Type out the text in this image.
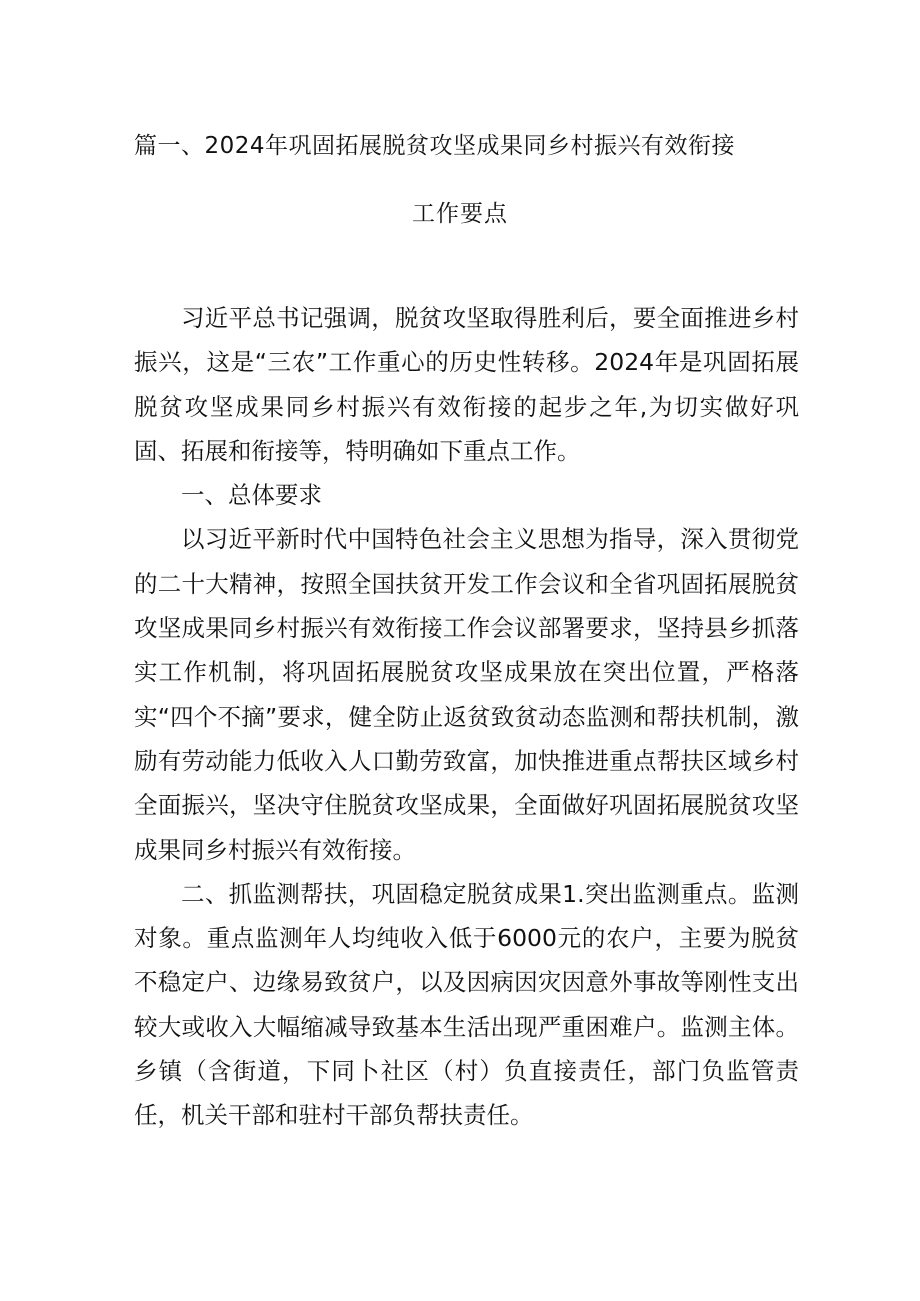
篇一、2024年巩固拓展脱贫攻坚成果同乡村振兴有效衔接
工作要点

习近平总书记强调，脱贫攻坚取得胜利后，要全面推进乡村振兴，这是“三农”工作重心的历史性转移。2024年是巩固拓展脱贫攻坚成果同乡村振兴有效衔接的起步之年,为切实做好巩固、拓展和衔接等，特明确如下重点工作。

一、总体要求

以习近平新时代中国特色社会主义思想为指导，深入贯彻党的二十大精神，按照全国扶贫开发工作会议和全省巩固拓展脱贫攻坚成果同乡村振兴有效衔接工作会议部署要求，坚持县乡抓落实工作机制，将巩固拓展脱贫攻坚成果放在突出位置，严格落实“四个不摘”要求，健全防止返贫致贫动态监测和帮扶机制，激励有劳动能力低收入人口勤劳致富，加快推进重点帮扶区域乡村全面振兴，坚决守住脱贫攻坚成果，全面做好巩固拓展脱贫攻坚成果同乡村振兴有效衔接。

二、抓监测帮扶，巩固稳定脱贫成果1.突出监测重点。监测对象。重点监测年人均纯收入低于6000元的农户，主要为脱贫不稳定户、边缘易致贫户，以及因病因灾因意外事故等刚性支出较大或收入大幅缩减导致基本生活出现严重困难户。监测主体。乡镇（含街道，下同卜社区（村）负直接责任，部门负监管责任，机关干部和驻村干部负帮扶责任。
